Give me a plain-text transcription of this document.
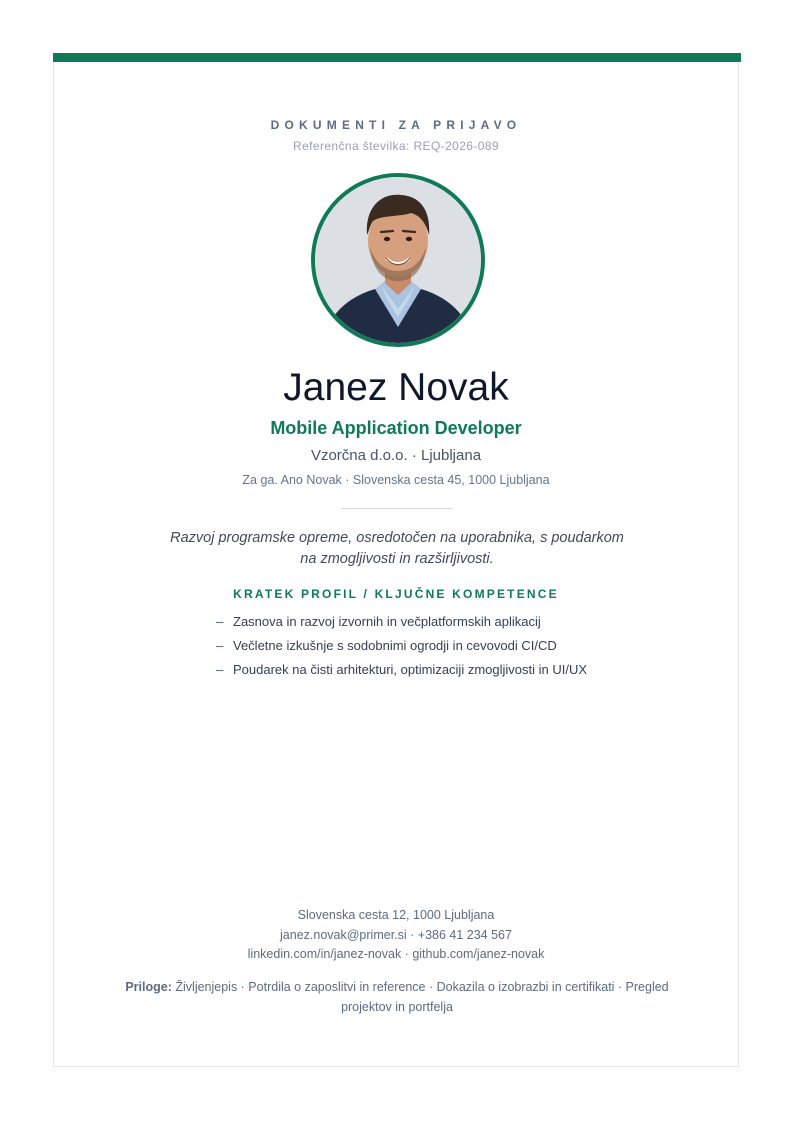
DOKUMENTI ZA PRIJAVO
Referenčna številka: REQ-2026-089
Janez Novak
Mobile Application Developer
Vzorčna d.o.o. · Ljubljana
Za ga. Ano Novak · Slovenska cesta 45, 1000 Ljubljana
Razvoj programske opreme, osredotočen na uporabnika, s poudarkom na zmogljivosti in razširljivosti.
KRATEK PROFIL / KLJUČNE KOMPETENCE
– Zasnova in razvoj izvornih in večplatformskih aplikacij
– Večletne izkušnje s sodobnimi ogrodji in cevovodi CI/CD
– Poudarek na čisti arhitekturi, optimizaciji zmogljivosti in UI/UX
Slovenska cesta 12, 1000 Ljubljana
janez.novak@primer.si · +386 41 234 567
linkedin.com/in/janez-novak · github.com/janez-novak
Priloge: Življenjepis · Potrdila o zaposlitvi in reference · Dokazila o izobrazbi in certifikati · Pregled projektov in portfelja
